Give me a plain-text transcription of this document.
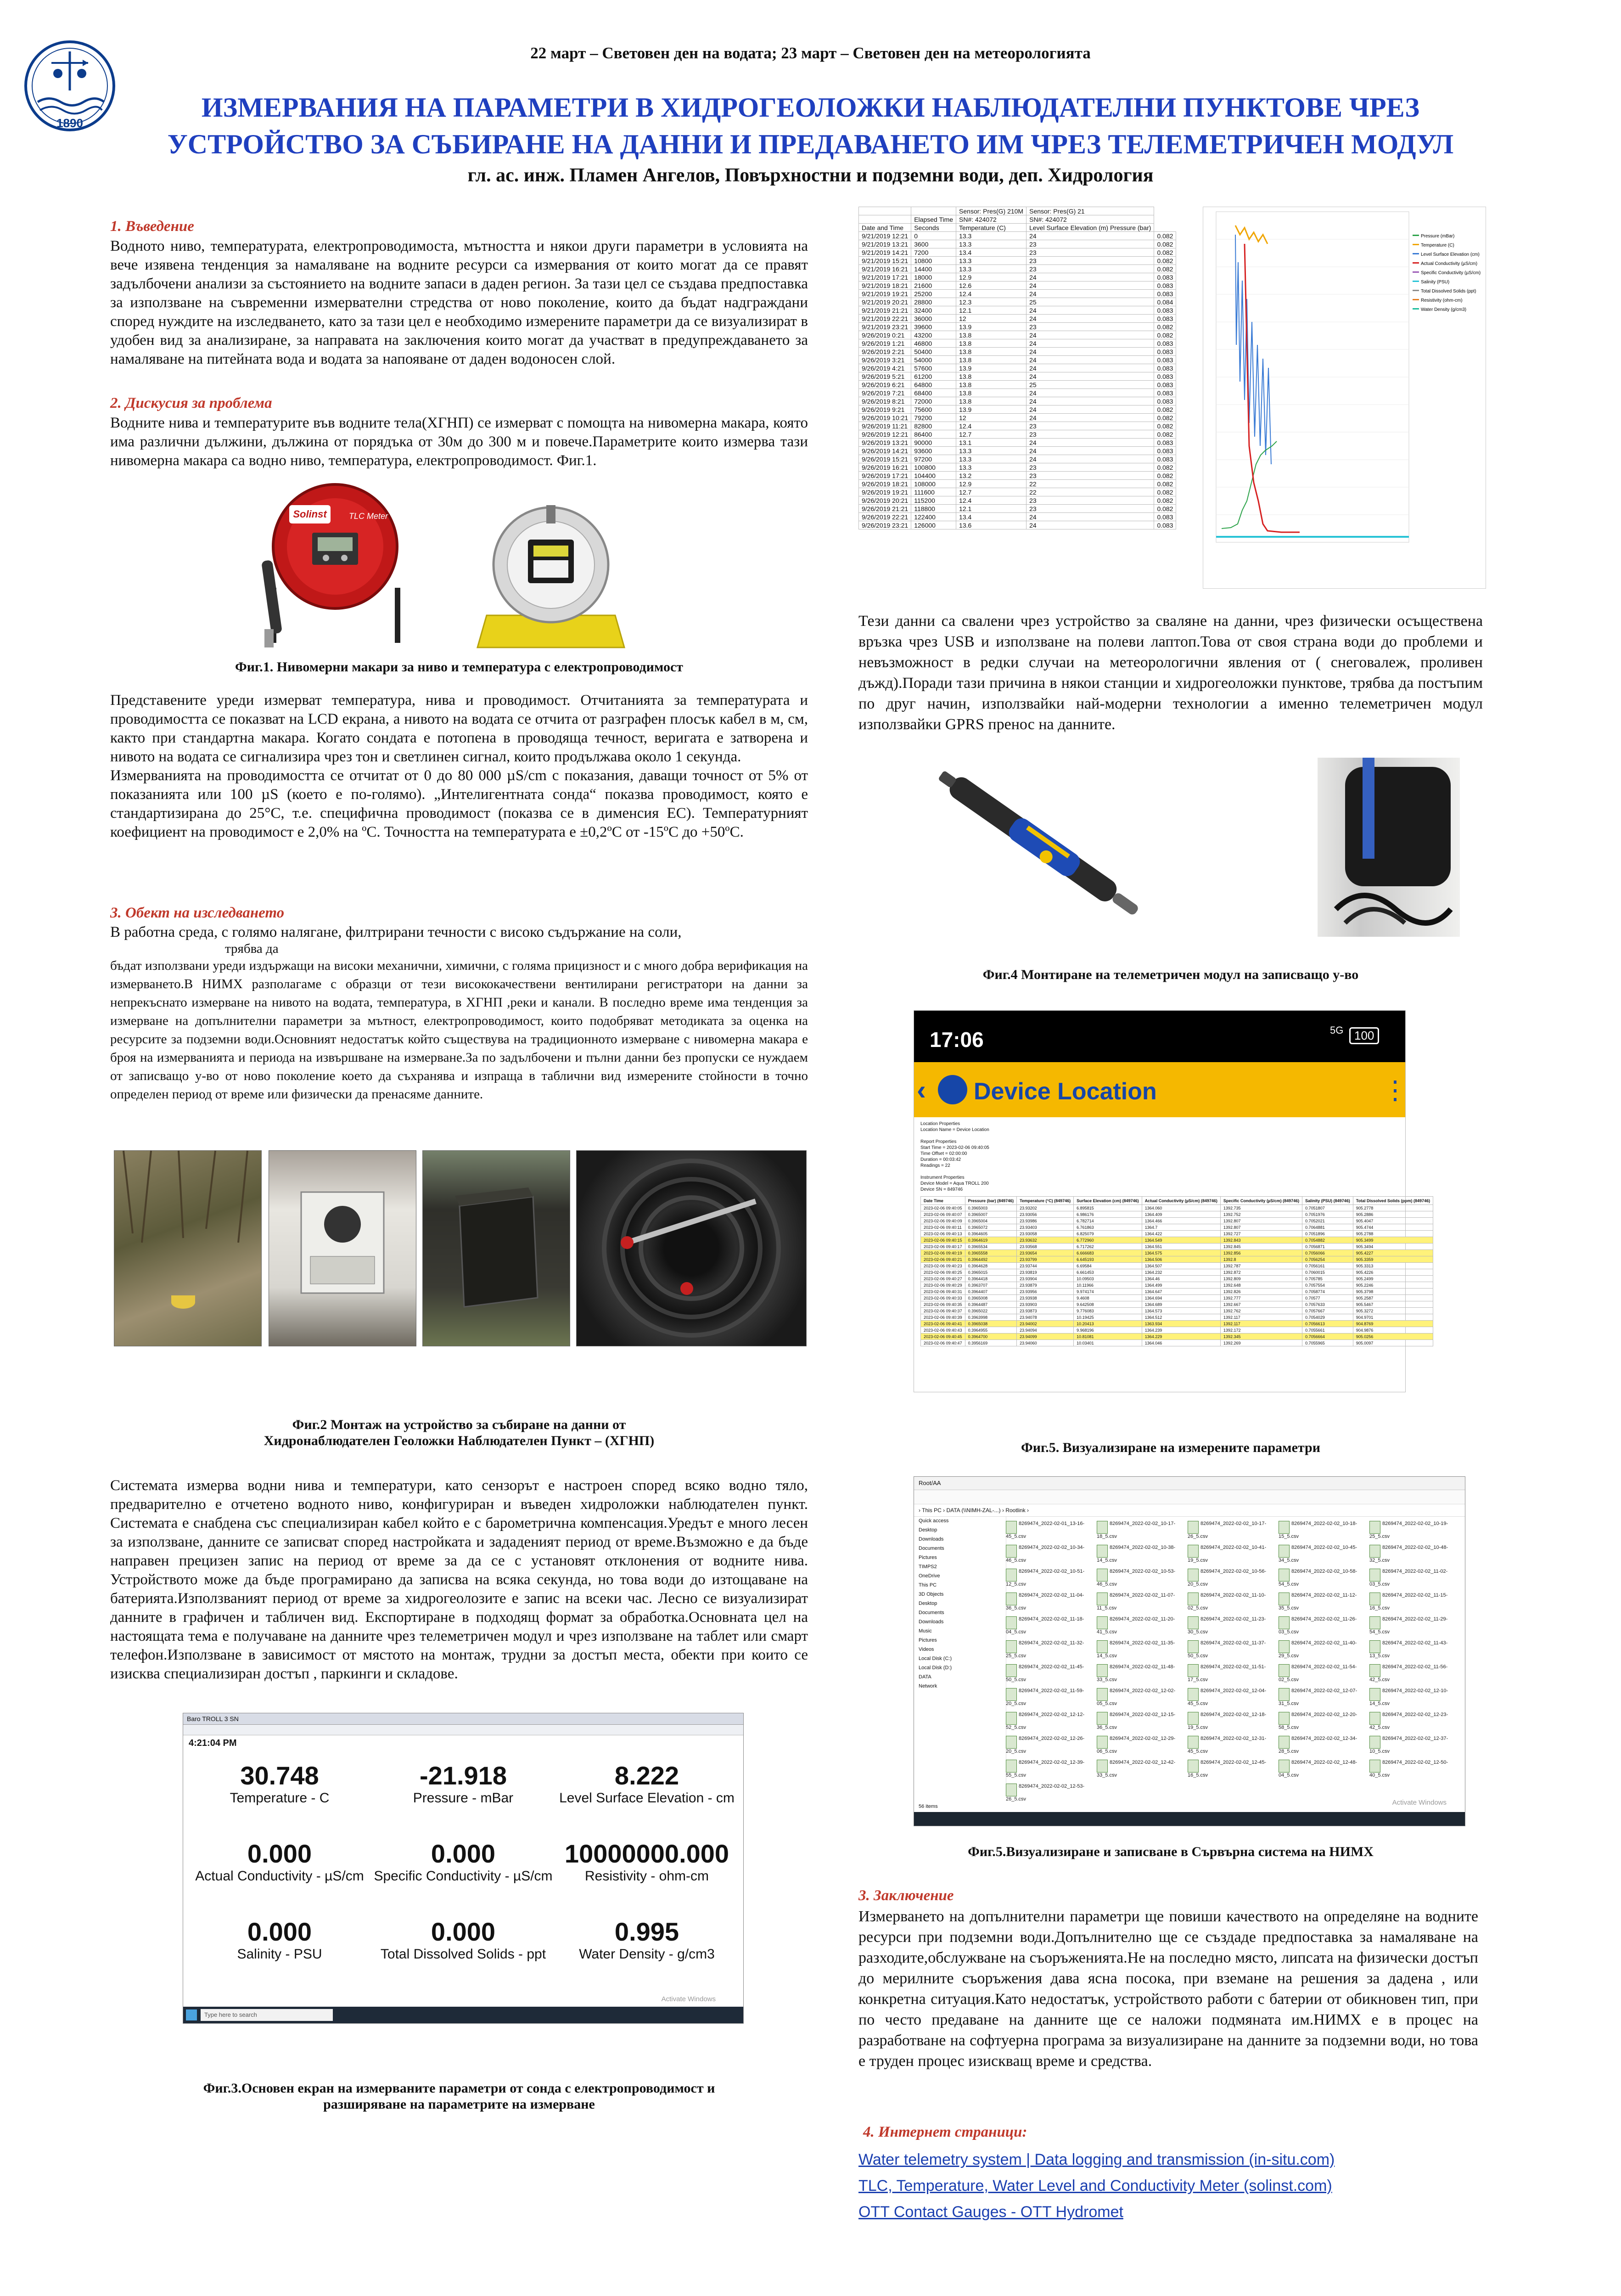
1890
22 март – Световен ден на водата; 23 март – Световен ден на метеорологията
ИЗМЕРВАНИЯ НА ПАРАМЕТРИ В ХИДРОГЕОЛОЖКИ НАБЛЮДАТЕЛНИ ПУНКТОВЕ ЧРЕЗ
УСТРОЙСТВО ЗА СЪБИРАНЕ НА ДАННИ И ПРЕДАВАНЕТО ИМ ЧРЕЗ ТЕЛЕМЕТРИЧЕН МОДУЛ
гл. ас. инж. Пламен Ангелов, Повърхностни и подземни води, деп. Хидрология
1. Въведение

Водното ниво, температурата, електропроводимостa, мътността и някои други параметри в условията на вече изявена тенденция за намаляване на водните ресурси са измервания от които могат да се правят задълбочени анализи за състоянието на водните запаси в даден регион. За тази цел се създава предпоставка за използване на съвременни измервателни стредства от ново поколение, които да бъдат надграждани според нуждите на изследването, като за тази цел е необходимо измерените параметри да се визуализират в удобен вид за анализиране, за направата на заключения които могат да участват в предупреждаването за намаляване на питейната вода и водата за напояване от даден водоносен слой.

2. Дискусия за проблема

Водните нива и температурите във водните тела(ХГНП) се измерват с помощта на нивомерна макара, която има различни дължини, дължина от порядъка от 30м до 300 м и повече.Параметрите които измерва тази нивомерна макара са водно ниво, температура, електропроводимост. Фиг.1.

Solinst	TLC Meter
Фиг.1. Нивомерни макари за ниво и температура с електропроводимост

Представените уреди измерват температура, нива и проводимост. Отчитанията за температурата и проводимостта се показват на LCD екрана, а нивото на водата се отчита от разграфен плосък кабел в м, см, както при стандартна макара. Когато сондата е потопена в проводяща течност, веригата е затворена и нивото на водата се сигнализира чрез тон и светлинен сигнал, които продължава около 1 секунда.

Измерванията на проводимостта се отчитат от 0 до 80 000 µS/cm с показания, даващи точност от 5% от показанията или 100 µS (което е по-голямо). „Интелигентната сонда“ показва проводимост, която е стандартизирана до 25°C, т.е. специфична проводимост (показва се в дименсия EC). Температурният коефициент на проводимост е 2,0% на ºC. Точността на температурата е ±0,2ºC от -15ºC до +50ºC.

3. Обект на изследването
В работна среда, с голямо налягане, филтрирани течности с високо съдържание на соли,
трябва да

бъдат използвани уреди издържащи на високи механични, химични, с голяма прицизност и с много добра верификация на измерването.В НИМХ разполагаме с образци от тези висококачествени вентилирани регистратори на данни за непрекъснато измерване на нивото на водата, температура, в ХГНП ,реки и канали. В последно време има тенденция за измерване на допълнителни параметри за мътност, електропроводимост, които подобряват методиката за оценка на ресурсите за подземни води.Основният недостатък който съществува на традиционното измерване с нивомерна макара е броя на измерванията и периода на извършване на измерване.За по задълбочени и пълни данни без пропуски се нуждаем от записващо у-во от ново поколение което да съхранява и изпраща в таблични вид измерените стойности в точно определен период от време или физически да пренасяме данните.

Фиг.2 Монтаж на устройство за събиране на данни от
Хидронаблюдателен Геоложки Наблюдателен Пункт – (ХГНП)

Системата измерва водни нива и температури, като сензорът е настроен според всяко водно тяло, предварително е отчетено водното ниво, конфигуриран и въведен хидроложки наблюдателен пункт. Системата е снабдена със специализиран кабел който е с барометрична компенсация.Уредът е много лесен за използване, данните се записват според настройката и зададеният период от време.Възможно е да бъде направен прецизен запис на период от време за да се с установят отклонения от водните нива. Устройството може да бъде програмирано да записва на всяка секунда, но това води до изтощаване на батерията.Използваният период от време за хидрогеолозите е запис на всеки час. Лесно се визуализират данните в графичен и табличен вид. Експортиране в подходящ формат за обработка.Основната цел на настоящата тема е получаване на данните чрез телеметричен модул и чрез използване на таблет или смарт телефон.Използване в зависимост от мястото на монтаж, трудни за достъп места, обекти при които се изисква специализиран достъп , паркинги и складове.

Baro TROLL 3 SN
4:21:04 PM
30.748
Temperature - C
-21.918
Pressure - mBar
8.222
Level Surface Elevation - cm
0.000
Actual Conductivity - µS/cm
0.000
Specific Conductivity - µS/cm
10000000.000
Resistivity - ohm-cm
0.000
Salinity - PSU
0.000
Total Dissolved Solids - ppt
0.995
Water Density - g/cm3
Type here to search
Activate Windows
Фиг.3.Основен екран на измерваните параметри от сонда с електропроводимост и
разширяване на параметрите на измерване
		Sensor: Pres(G) 210M	Sensor: Pres(G) 21	
	Elapsed Time	SN#: 424072	SN#: 424072	
Date and Time	Seconds	Temperature (C)	Level Surface Elevation (m) Pressure (bar)	
9/21/2019 12:21	0	13.3	24	0.082
9/21/2019 13:21	3600	13.3	23	0.082
9/21/2019 14:21	7200	13.4	23	0.082
9/21/2019 15:21	10800	13.3	23	0.082
9/21/2019 16:21	14400	13.3	23	0.082
9/21/2019 17:21	18000	12.9	24	0.083
9/21/2019 18:21	21600	12.6	24	0.083
9/21/2019 19:21	25200	12.4	24	0.083
9/21/2019 20:21	28800	12.3	25	0.084
9/21/2019 21:21	32400	12.1	24	0.083
9/21/2019 22:21	36000	12	24	0.083
9/21/2019 23:21	39600	13.9	23	0.082
9/26/2019 0:21	43200	13.8	24	0.082
9/26/2019 1:21	46800	13.8	24	0.083
9/26/2019 2:21	50400	13.8	24	0.083
9/26/2019 3:21	54000	13.8	24	0.083
9/26/2019 4:21	57600	13.9	24	0.083
9/26/2019 5:21	61200	13.8	24	0.083
9/26/2019 6:21	64800	13.8	25	0.083
9/26/2019 7:21	68400	13.8	24	0.083
9/26/2019 8:21	72000	13.8	24	0.083
9/26/2019 9:21	75600	13.9	24	0.082
9/26/2019 10:21	79200	12	24	0.082
9/26/2019 11:21	82800	12.4	23	0.082
9/26/2019 12:21	86400	12.7	23	0.082
9/26/2019 13:21	90000	13.1	24	0.083
9/26/2019 14:21	93600	13.3	24	0.083
9/26/2019 15:21	97200	13.3	24	0.083
9/26/2019 16:21	100800	13.3	23	0.082
9/26/2019 17:21	104400	13.2	23	0.082
9/26/2019 18:21	108000	12.9	22	0.082
9/26/2019 19:21	111600	12.7	22	0.082
9/26/2019 20:21	115200	12.4	23	0.082
9/26/2019 21:21	118800	12.1	23	0.082
9/26/2019 22:21	122400	13.4	24	0.083
9/26/2019 23:21	126000	13.6	24	0.083
Pressure (mBar)
Temperature (C)
Level Surface Elevation (cm)
Actual Conductivity (µS/cm)
Specific Conductivity (µS/cm)
Salinity (PSU)
Total Dissolved Solids (ppt)
Resistivity (ohm-cm)
Water Density (g/cm3)

Тези данни са свалени чрез устройство за сваляне на данни, чрез физически осъществена връзка чрез USB и използване на полеви лаптоп.Това от своя страна води до проблеми и невъзможност в редки случаи на метеорологични явления от ( снеговалеж, проливен дъжд).Поради тази причина в някои станции и хидрогеоложки пунктове, трябва да постъпим по друг начин, използвайки най-модерни технологии а именно телеметричен модул използвайки GPRS пренос на данните.

Фиг.4 Монтиране на телеметричен модул на записващо у-во
17:06	5G 100
‹ Device Location	⋮
Location Properties
Location Name = Device Location
Report Properties
Start Time = 2023-02-06 09:40:05
Time Offset = 02:00:00
Duration = 00:03:42
Readings = 22
Instrument Properties
Device Model = Aqua TROLL 200
Device SN = 849746
Date Time	Pressure (bar) (849746)	Temperature (°C) (849746)	Surface Elevation (cm) (849746)	Actual Conductivity (µS/cm) (849746)	Specific Conductivity (µS/cm) (849746)	Salinity (PSU) (849746)	Total Dissolved Solids (ppm) (849746)
2023-02-06 09:40:05	0.3965003	23.93202	6.895815	1364.060	1392.735	0.7051807	905.2778
2023-02-06 09:40:07	0.3965007	23.93056	6.986176	1364.409	1392.752	0.7051976	905.2886
2023-02-06 09:40:09	0.3965004	23.93986	6.782714	1364.466	1392.807	0.7052021	905.4047
2023-02-06 09:40:11	0.3965072	23.93403	6.761863	1364.7	1392.807	0.7064881	905.4744
2023-02-06 09:40:13	0.3964605	23.93058	6.825079	1364.422	1392.727	0.7051896	905.2788
2023-02-06 09:40:15	0.3964619	23.93632	6.772960	1364.549	1392.843	0.7054882	905.3499
2023-02-06 09:40:17	0.3965534	23.93568	6.717262	1364.551	1392.845	0.7056871	905.3494
2023-02-06 09:40:19	0.3965558	23.93654	6.666683	1364.575	1392.856	0.7056066	905.4227
2023-02-06 09:40:21	0.3964492	23.93799	6.645193	1364.506	1392.8	0.7056254	905.3359
2023-02-06 09:40:23	0.3964628	23.93744	6.69584	1364.507	1392.787	0.7056161	905.3313
2023-02-06 09:40:25	0.3965015	23.93819	6.661453	1364.232	1392.872	0.7060015	905.4226
2023-02-06 09:40:27	0.3964418	23.93904	10.09503	1364.46	1392.809	0.705785	905.2499
2023-02-06 09:40:29	0.3963707	23.93879	10.11966	1364.499	1392.648	0.7057554	905.2246
2023-02-06 09:40:31	0.3964407	23.93956	9.974174	1364.647	1392.826	0.7058774	905.3798
2023-02-06 09:40:33	0.3965008	23.93938	9.4608	1364.694	1392.777	0.70577	905.2587
2023-02-06 09:40:35	0.3964487	23.93903	9.642508	1364.689	1392.667	0.7057633	905.5467
2023-02-06 09:40:37	0.3965022	23.93873	9.776083	1364.573	1392.762	0.7057667	905.3272
2023-02-06 09:40:39	0.3963998	23.94078	10.19425	1364.512	1392.117	0.7054029	904.9701
2023-02-06 09:40:41	0.3965038	23.94002	10.20413	1363.934	1392.117	0.7056613	904.8769
2023-02-06 09:40:43	0.3964955	23.94094	9.968196	1364.239	1392.172	0.7055661	904.9876
2023-02-06 09:40:45	0.3964700	23.94099	10.81081	1364.229	1392.345	0.7056664	905.0256
2023-02-06 09:40:47	0.3956169	23.94060	10.03401	1364.046	1392.269	0.7055965	905.0097
Фиг.5. Визуализиране на измерените параметри
Root/AA
› This PC › DATA (\\NIMH-ZAL-...) › Rootlink ›
Quick access
Desktop
Downloads
Documents
Pictures
TIMPS2
OneDrive
This PC
3D Objects
Desktop
Documents
Downloads
Music
Pictures
Videos
Local Disk (C:)
Local Disk (D:)
DATA
Network
8269474_2022-02-01_13-16-45_5.csv
8269474_2022-02-02_10-17-18_5.csv
8269474_2022-02-02_10-17-26_5.csv
8269474_2022-02-02_10-18-15_5.csv
8269474_2022-02-02_10-19-25_5.csv
8269474_2022-02-02_10-34-46_5.csv
8269474_2022-02-02_10-38-14_5.csv
8269474_2022-02-02_10-41-19_5.csv
8269474_2022-02-02_10-45-34_5.csv
8269474_2022-02-02_10-48-32_5.csv
8269474_2022-02-02_10-51-12_5.csv
8269474_2022-02-02_10-53-46_5.csv
8269474_2022-02-02_10-56-20_5.csv
8269474_2022-02-02_10-58-54_5.csv
8269474_2022-02-02_11-02-03_5.csv
8269474_2022-02-02_11-04-36_5.csv
8269474_2022-02-02_11-07-11_5.csv
8269474_2022-02-02_11-10-02_5.csv
8269474_2022-02-02_11-12-35_5.csv
8269474_2022-02-02_11-15-16_5.csv
8269474_2022-02-02_11-18-04_5.csv
8269474_2022-02-02_11-20-41_5.csv
8269474_2022-02-02_11-23-30_5.csv
8269474_2022-02-02_11-26-03_5.csv
8269474_2022-02-02_11-29-54_5.csv
8269474_2022-02-02_11-32-25_5.csv
8269474_2022-02-02_11-35-14_5.csv
8269474_2022-02-02_11-37-50_5.csv
8269474_2022-02-02_11-40-29_5.csv
8269474_2022-02-02_11-43-13_5.csv
8269474_2022-02-02_11-45-50_5.csv
8269474_2022-02-02_11-48-33_5.csv
8269474_2022-02-02_11-51-17_5.csv
8269474_2022-02-02_11-54-02_5.csv
8269474_2022-02-02_11-56-42_5.csv
8269474_2022-02-02_11-59-20_5.csv
8269474_2022-02-02_12-02-05_5.csv
8269474_2022-02-02_12-04-45_5.csv
8269474_2022-02-02_12-07-31_5.csv
8269474_2022-02-02_12-10-14_5.csv
8269474_2022-02-02_12-12-52_5.csv
8269474_2022-02-02_12-15-36_5.csv
8269474_2022-02-02_12-18-19_5.csv
8269474_2022-02-02_12-20-58_5.csv
8269474_2022-02-02_12-23-42_5.csv
8269474_2022-02-02_12-26-20_5.csv
8269474_2022-02-02_12-29-06_5.csv
8269474_2022-02-02_12-31-45_5.csv
8269474_2022-02-02_12-34-28_5.csv
8269474_2022-02-02_12-37-10_5.csv
8269474_2022-02-02_12-39-55_5.csv
8269474_2022-02-02_12-42-33_5.csv
8269474_2022-02-02_12-45-16_5.csv
8269474_2022-02-02_12-48-04_5.csv
8269474_2022-02-02_12-50-40_5.csv
8269474_2022-02-02_12-53-26_5.csv
56 items	Activate Windows
Фиг.5.Визуализиране и записване в Сървърна система на НИМХ
3. Заключение

Измерването на допълнителни параметри ще повиши качеството на определяне на водните ресурси при подземни води.Допълнително ще се създаде предпоставка за намаляване на разходите,обслужване на съоръженията.Не на последно място, липсата на физически достъп до мерилните съоръжения дава ясна посока, при вземане на решения за дадена , или конкретна ситуация.Като недостатък, устройството работи с батерии от обикновен тип, при по често предаване на данните ще се наложи подмяната им.НИМХ е в процес на разработване на софтуерна програма за визуализиране на данните за подземни води, но това е труден процес изискващ време и средства.

4. Интернет страници:
Water telemetry system | Data logging and transmission (in-situ.com)
TLC, Temperature, Water Level and Conductivity Meter (solinst.com)
OTT Contact Gauges - OTT Hydromet
